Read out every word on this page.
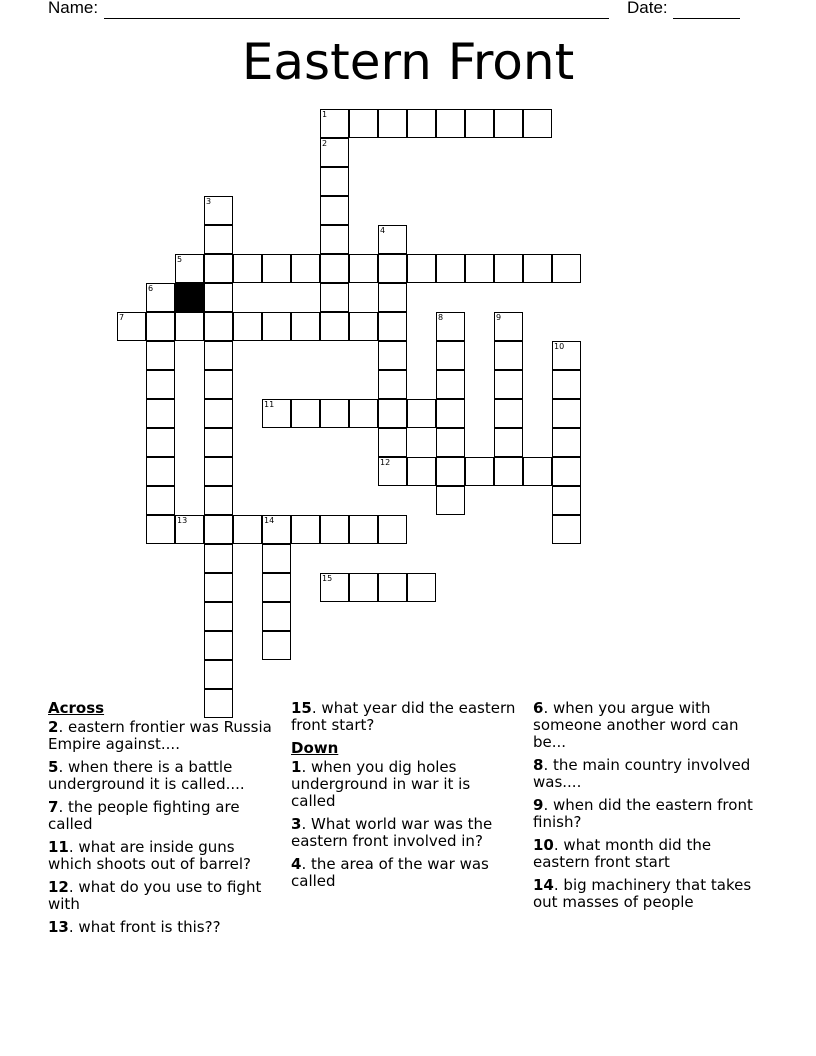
Name:	Date:
Eastern Front
1
2
3
4
5
6
7	8	9
10
11
12
13	14
15
Across
2. eastern frontier was Russia Empire against....
5. when there is a battle underground it is called....
7. the people fighting are called
11. what are inside guns which shoots out of barrel?
12. what do you use to fight with
13. what front is this??
15. what year did the eastern front start?
Down
1. when you dig holes underground in war it is called
3. What world war was the eastern front involved in?
4. the area of the war was called
6. when you argue with someone another word can be...
8. the main country involved was....
9. when did the eastern front finish?
10. what month did the eastern front start
14. big machinery that takes out masses of people
